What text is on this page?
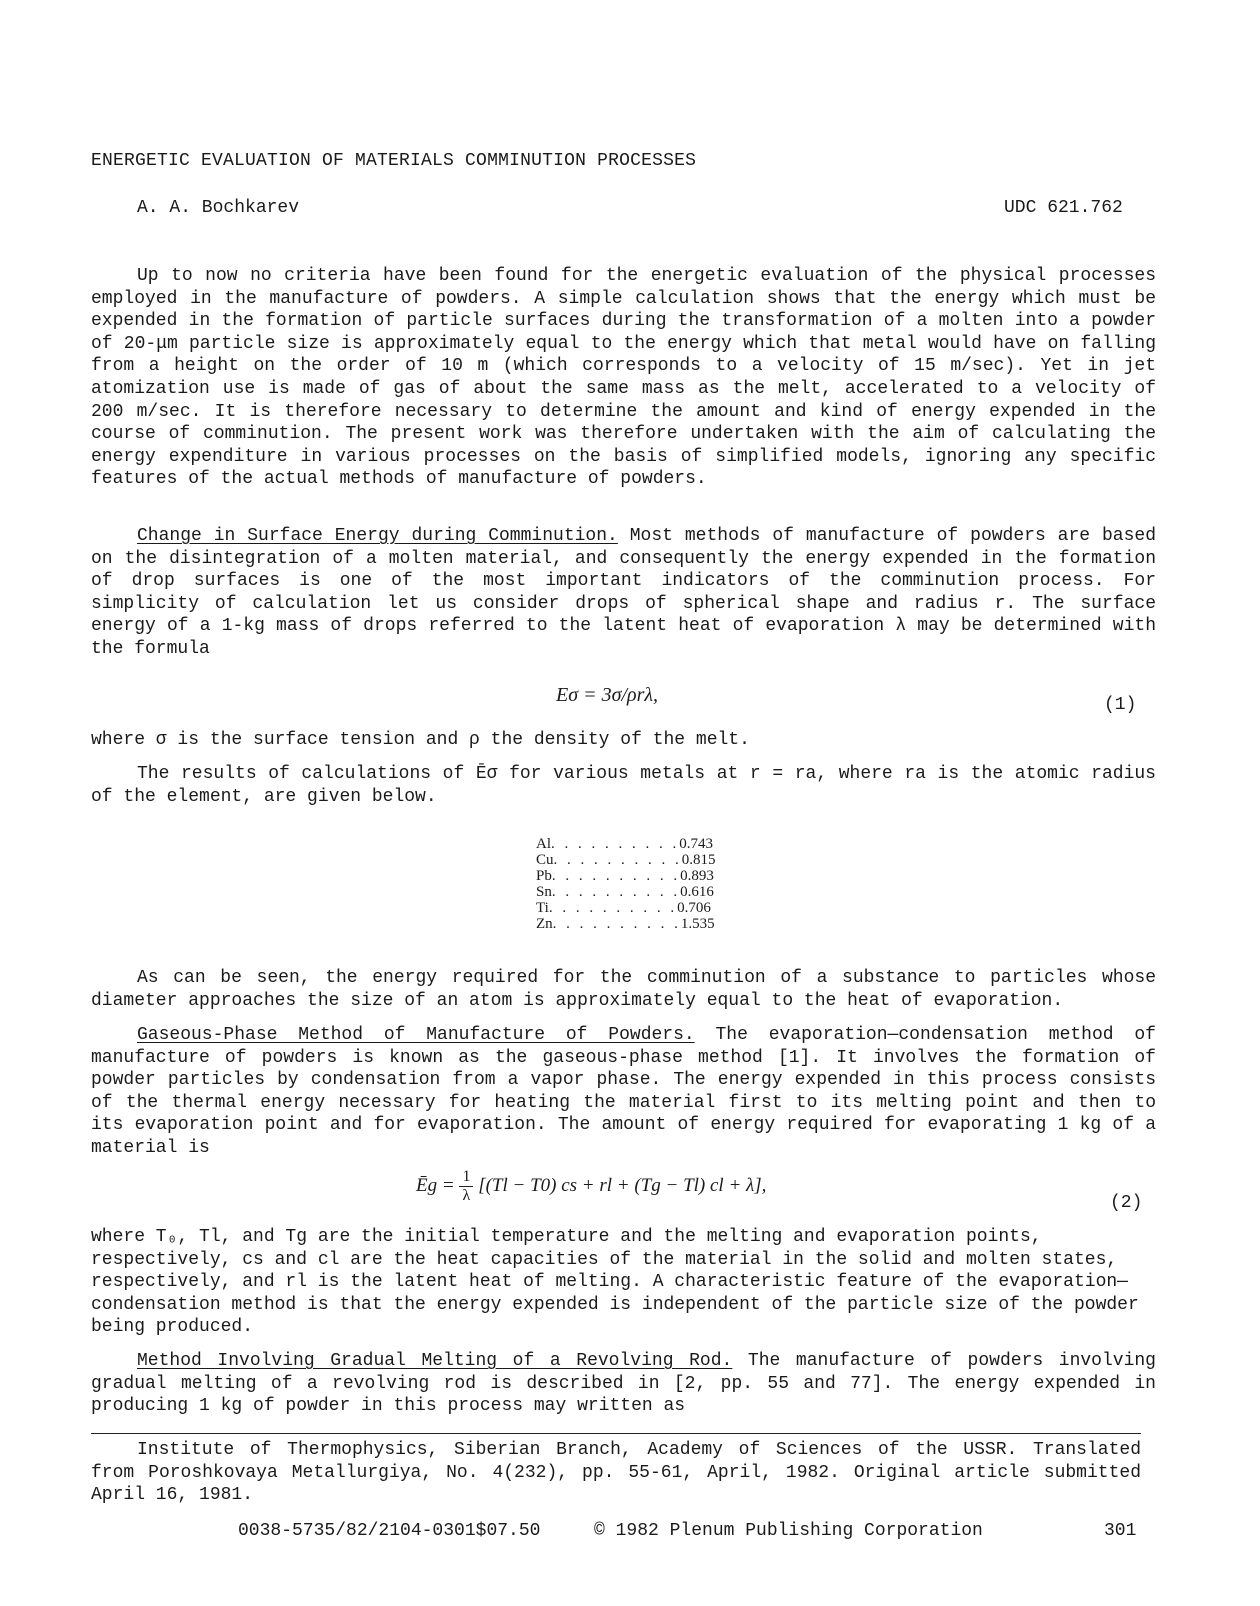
ENERGETIC EVALUATION OF MATERIALS COMMINUTION PROCESSES
A. A. Bochkarev	UDC 621.762

Up to now no criteria have been found for the energetic evaluation of the physical processes employed in the manufacture of powders. A simple calculation shows that the energy which must be expended in the formation of particle surfaces during the transformation of a molten into a powder of 20-μm particle size is approximately equal to the energy which that metal would have on falling from a height on the order of 10 m (which corresponds to a velocity of 15 m/sec). Yet in jet atomization use is made of gas of about the same mass as the melt, accelerated to a velocity of 200 m/sec. It is therefore necessary to determine the amount and kind of energy expended in the course of comminution. The present work was therefore undertaken with the aim of calculating the energy expenditure in various processes on the basis of simplified models, ignoring any specific features of the actual methods of manufacture of powders.

Change in Surface Energy during Comminution. Most methods of manufacture of powders are based on the disintegration of a molten material, and consequently the energy expended in the formation of drop surfaces is one of the most important indicators of the comminution process. For simplicity of calculation let us consider drops of spherical shape and radius r. The surface energy of a 1-kg mass of drops referred to the latent heat of evaporation λ may be determined with the formula

Eσ = 3σ/ρrλ,	(1)
where σ is the surface tension and ρ the density of the melt.

The results of calculations of Ēσ for various metals at r = ra, where ra is the atomic radius of the element, are given below.

Al . . . . . . . . . . 0.743
Cu . . . . . . . . . . 0.815
Pb . . . . . . . . . . 0.893
Sn . . . . . . . . . . 0.616
Ti . . . . . . . . . . 0.706
Zn . . . . . . . . . . 1.535

As can be seen, the energy required for the comminution of a substance to particles whose diameter approaches the size of an atom is approximately equal to the heat of evaporation.

Gaseous-Phase Method of Manufacture of Powders. The evaporation—condensation method of manufacture of powders is known as the gaseous-phase method [1]. It involves the formation of powder particles by condensation from a vapor phase. The energy expended in this process consists of the thermal energy necessary for heating the material first to its melting point and then to its evaporation point and for evaporation. The amount of energy required for evaporating 1 kg of a material is

Ēg = $\frac{1}{\lambda} [(Tl - T0)$ cs + rl + (Tg − Tl) cl + λ],
(2)
where T₀, Tl, and Tg are the initial temperature and the melting and evaporation points, respectively, cs and cl are the heat capacities of the material in the solid and molten states, respectively, and rl is the latent heat of melting. A characteristic feature of the evaporation—condensation method is that the energy expended is independent of the particle size of the powder being produced.

Method Involving Gradual Melting of a Revolving Rod. The manufacture of powders involving gradual melting of a revolving rod is described in [2, pp. 55 and 77]. The energy expended in producing 1 kg of powder in this process may written as

Institute of Thermophysics, Siberian Branch, Academy of Sciences of the USSR. Translated from Poroshkovaya Metallurgiya, No. 4(232), pp. 55-61, April, 1982. Original article submitted April 16, 1981.

0038-5735/82/2104-0301$07.50	© 1982 Plenum Publishing Corporation	301
